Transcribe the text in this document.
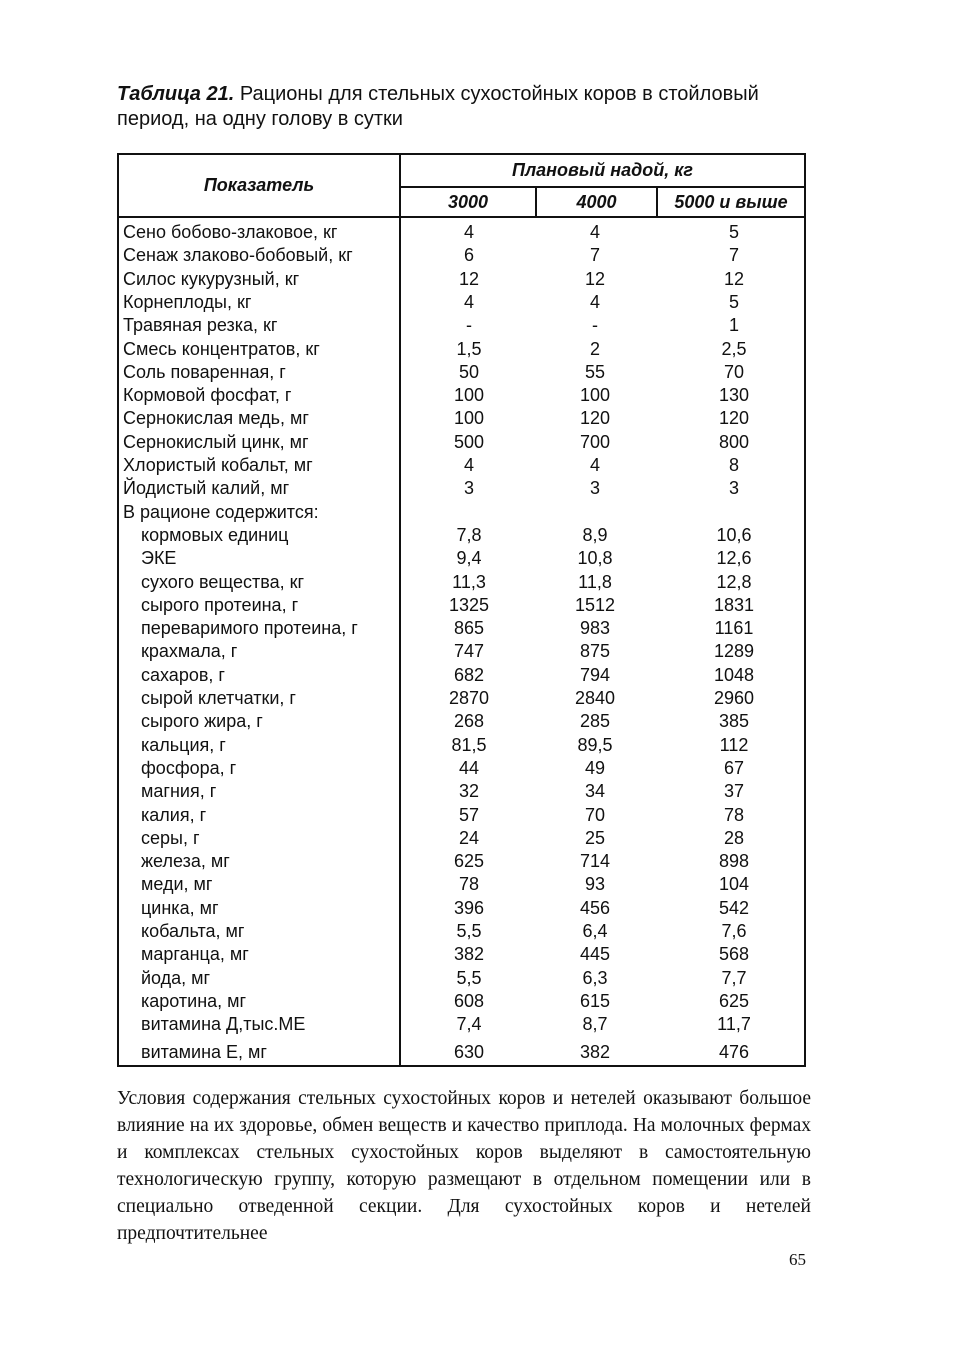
Таблица 21. Рационы для стельных сухостойных коров в стойловый период, на одну голову в сутки
Показатель
Плановый надой, кг
3000	4000	5000 и выше
Сено бобово-злаковое, кг	4	4	5
Сенаж злаково-бобовый, кг	6	7	7
Силос кукурузный, кг	12	12	12
Корнеплоды, кг	4	4	5
Травяная резка, кг	-	-	1
Смесь концентратов, кг	1,5	2	2,5
Соль поваренная, г	50	55	70
Кормовой фосфат, г	100	100	130
Сернокислая медь, мг	100	120	120
Сернокислый цинк, мг	500	700	800
Хлористый кобальт, мг	4	4	8
Йодистый калий, мг	3	3	3
В рационе содержится:
кормовых единиц	7,8	8,9	10,6
ЭКЕ	9,4	10,8	12,6
сухого вещества, кг	11,3	11,8	12,8
сырого протеина, г	1325	1512	1831
переваримого протеина, г	865	983	1161
крахмала, г	747	875	1289
сахаров, г	682	794	1048
сырой клетчатки, г	2870	2840	2960
сырого жира, г	268	285	385
кальция, г	81,5	89,5	112
фосфора, г	44	49	67
магния, г	32	34	37
калия, г	57	70	78
серы, г	24	25	28
железа, мг	625	714	898
меди, мг	78	93	104
цинка, мг	396	456	542
кобальта, мг	5,5	6,4	7,6
марганца, мг	382	445	568
йода, мг	5,5	6,3	7,7
каротина, мг	608	615	625
витамина Д,тыс.МЕ	7,4	8,7	11,7
витамина Е, мг	630	382	476
Условия содержания стельных сухостойных коров и нетелей оказывают большое влияние на их здоровье, обмен веществ и качество приплода. На молочных фермах и комплексах стельных сухостойных коров выделяют в самостоятельную технологическую группу, которую размещают в отдельном помещении или в специально отведенной секции. Для сухостойных коров и нетелей предпочтительнее
65
